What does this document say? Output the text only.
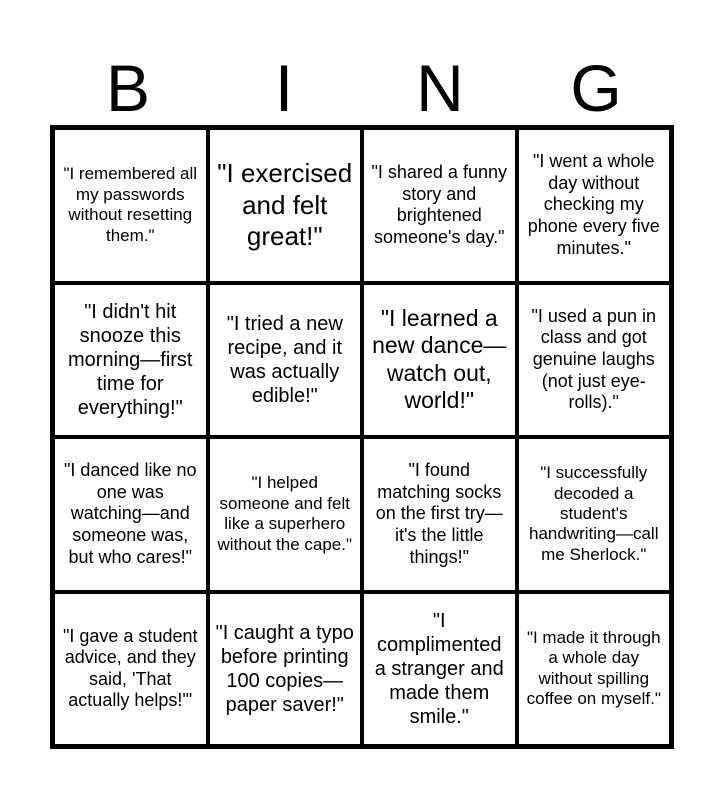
B	I	N	G
"I remembered all my passwords without resetting them."
"I exercised and felt great!"
"I shared a funny story and brightened someone's day."
"I went a whole day without checking my phone every five minutes."
"I didn't hit snooze this morning—first time for everything!"
"I tried a new recipe, and it was actually edible!"
"I learned a new dance—watch out, world!"
"I used a pun in class and got genuine laughs (not just eye-rolls)."
"I danced like no one was watching—and someone was, but who cares!"
"I helped someone and felt like a superhero without the cape."
"I found matching socks on the first try—it's the little things!"
"I successfully decoded a student's handwriting—call me Sherlock."
"I gave a student advice, and they said, 'That actually helps!'"
"I caught a typo before printing 100 copies—paper saver!"
"I complimented a stranger and made them smile."
"I made it through a whole day without spilling coffee on myself."
